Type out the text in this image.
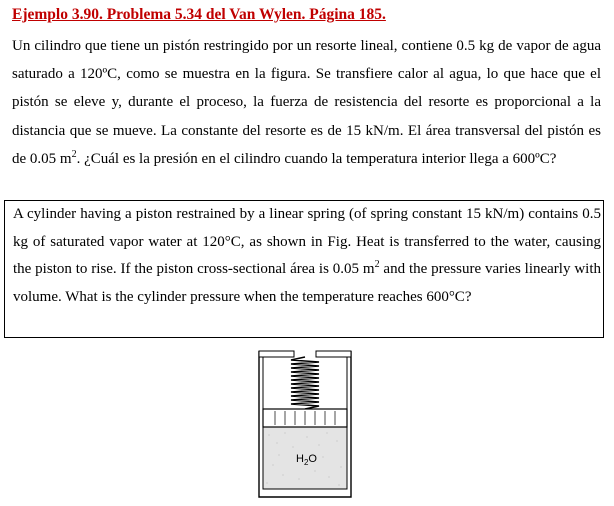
Ejemplo 3.90. Problema 5.34 del Van Wylen. Página 185.

Un cilindro que tiene un pistón restringido por un resorte lineal, contiene 0.5 kg de vapor de agua saturado a 120ºC, como se muestra en la figura. Se transfiere calor al agua, lo que hace que el pistón se eleve y, durante el proceso, la fuerza de resistencia del resorte es proporcional a la distancia que se mueve. La constante del resorte es de 15 kN/m. El área transversal del pistón es de 0.05 $m^2$. ¿Cuál es la presión en el cilindro cuando la temperatura interior llega a 600ºC?

A cylinder having a piston restrained by a linear spring (of spring constant 15 kN/m) contains 0.5 kg of saturated vapor water at 120°C, as shown in Fig. Heat is transferred to the water, causing the piston to rise. If the piston cross-sectional área is 0.05 $m^2$ and the pressure varies linearly with volume. What is the cylinder pressure when the temperature reaches 600°C?

$H_2O$
